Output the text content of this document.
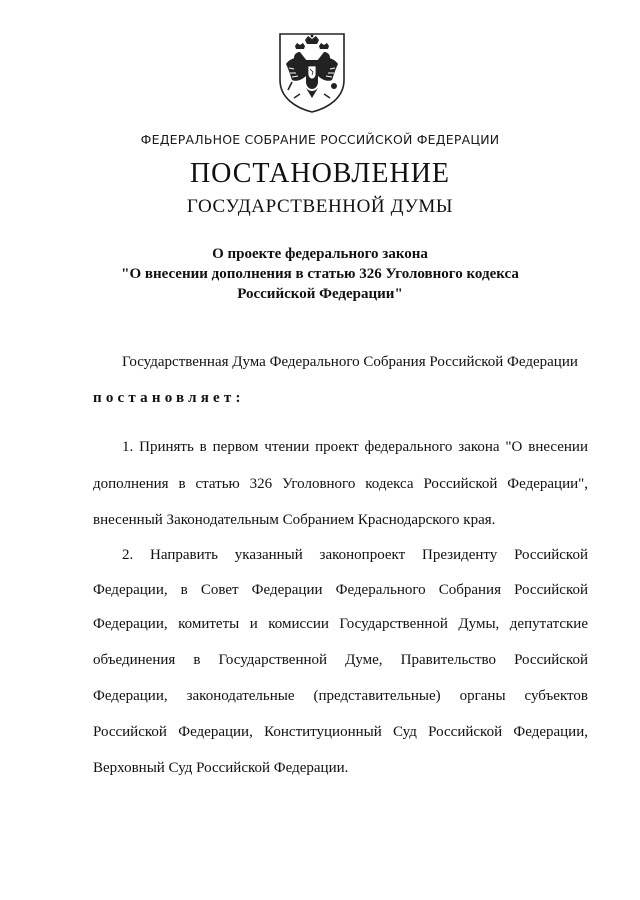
ФЕДЕРАЛЬНОЕ СОБРАНИЕ РОССИЙСКОЙ ФЕДЕРАЦИИ
ПОСТАНОВЛЕНИЕ
ГОСУДАРСТВЕННОЙ ДУМЫ
О проекте федерального закона
"О внесении дополнения в статью 326 Уголовного кодекса
Российской Федерации"
Государственная Дума Федерального Собрания Российской Федерации
постановляет:
1. Принять в первом чтении проект федерального закона "О внесении
дополнения в статью 326 Уголовного кодекса Российской Федерации",
внесенный Законодательным Собранием Краснодарского края.
2. Направить указанный законопроект Президенту Российской
Федерации, в Совет Федерации Федерального Собрания Российской
Федерации, комитеты и комиссии Государственной Думы, депутатские
объединения в Государственной Думе, Правительство Российской
Федерации, законодательные (представительные) органы субъектов
Российской Федерации, Конституционный Суд Российской Федерации,
Верховный Суд Российской Федерации.
